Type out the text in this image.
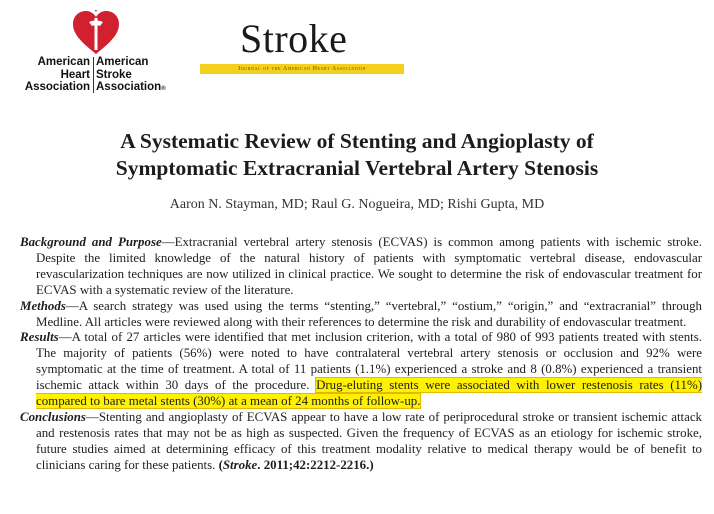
American
Heart
Association
American
Stroke
Association®
Stroke
Journal of the American Heart Association
A Systematic Review of Stenting and Angioplasty of
Symptomatic Extracranial Vertebral Artery Stenosis
Aaron N. Stayman, MD; Raul G. Nogueira, MD; Rishi Gupta, MD

Background and Purpose—Extracranial vertebral artery stenosis (ECVAS) is common among patients with ischemic stroke. Despite the limited knowledge of the natural history of patients with symptomatic vertebral disease, endovascular revascularization techniques are now utilized in clinical practice. We sought to determine the risk of endovascular treatment for ECVAS with a systematic review of the literature.

Methods—A search strategy was used using the terms “stenting,” “vertebral,” “ostium,” “origin,” and “extracranial” through Medline. All articles were reviewed along with their references to determine the risk and durability of endovascular treatment.

Results—A total of 27 articles were identified that met inclusion criterion, with a total of 980 of 993 patients treated with stents. The majority of patients (56%) were noted to have contralateral vertebral artery stenosis or occlusion and 92% were symptomatic at the time of treatment. A total of 11 patients (1.1%) experienced a stroke and 8 (0.8%) experienced a transient ischemic attack within 30 days of the procedure. Drug-eluting stents were associated with lower restenosis rates (11%) compared to bare metal stents (30%) at a mean of 24 months of follow-up.

Conclusions—Stenting and angioplasty of ECVAS appear to have a low rate of periprocedural stroke or transient ischemic attack and restenosis rates that may not be as high as suspected. Given the frequency of ECVAS as an etiology for ischemic stroke, future studies aimed at determining efficacy of this treatment modality relative to medical therapy would be of benefit to clinicians caring for these patients. (Stroke. 2011;42:2212-2216.)
